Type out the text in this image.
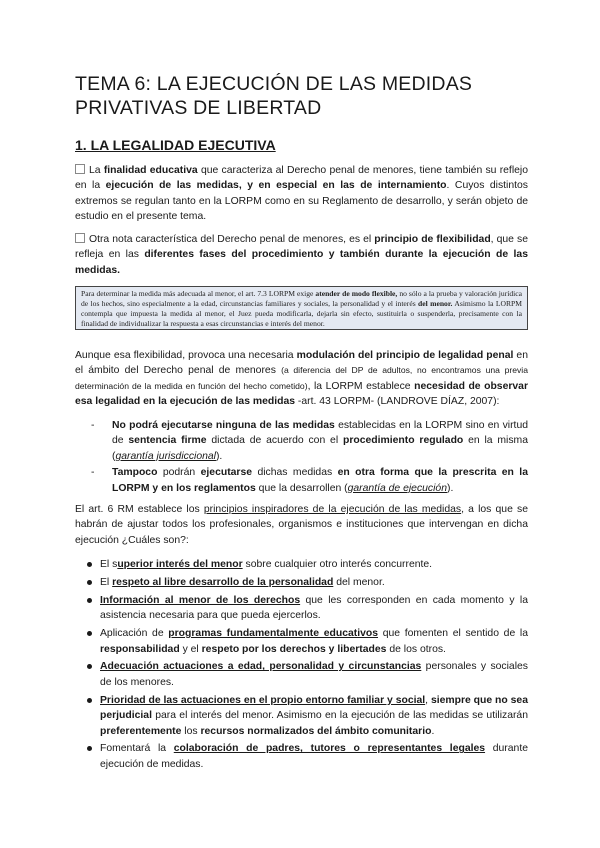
TEMA 6: LA EJECUCIÓN DE LAS MEDIDAS PRIVATIVAS DE LIBERTAD
1. LA LEGALIDAD EJECUTIVA

La finalidad educativa que caracteriza al Derecho penal de menores, tiene también su reflejo en la ejecución de las medidas, y en especial en las de internamiento. Cuyos distintos extremos se regulan tanto en la LORPM como en su Reglamento de desarrollo, y serán objeto de estudio en el presente tema.

Otra nota característica del Derecho penal de menores, es el principio de flexibilidad, que se refleja en las diferentes fases del procedimiento y también durante la ejecución de las medidas.

Para determinar la medida más adecuada al menor, el art. 7.3 LORPM exige atender de modo flexible, no sólo a la prueba y valoración jurídica de los hechos, sino especialmente a la edad, circunstancias familiares y sociales, la personalidad y el interés del menor. Asimismo la LORPM contempla que impuesta la medida al menor, el Juez pueda modificarla, dejarla sin efecto, sustituirla o suspenderla, precisamente con la finalidad de individualizar la respuesta a esas circunstancias e interés del menor.

Aunque esa flexibilidad, provoca una necesaria modulación del principio de legalidad penal en el ámbito del Derecho penal de menores (a diferencia del DP de adultos, no encontramos una previa determinación de la medida en función del hecho cometido), la LORPM establece necesidad de observar esa legalidad en la ejecución de las medidas -art. 43 LORPM- (LANDROVE DÍAZ, 2007):

- No podrá ejecutarse ninguna de las medidas establecidas en la LORPM sino en virtud de sentencia firme dictada de acuerdo con el procedimiento regulado en la misma (garantía jurisdiccional).
- Tampoco podrán ejecutarse dichas medidas en otra forma que la prescrita en la LORPM y en los reglamentos que la desarrollen (garantía de ejecución).

El art. 6 RM establece los principios inspiradores de la ejecución de las medidas, a los que se habrán de ajustar todos los profesionales, organismos e instituciones que intervengan en dicha ejecución ¿Cuáles son?:

El superior interés del menor sobre cualquier otro interés concurrente.
El respeto al libre desarrollo de la personalidad del menor.
Información al menor de los derechos que les corresponden en cada momento y la asistencia necesaria para que pueda ejercerlos.
Aplicación de programas fundamentalmente educativos que fomenten el sentido de la responsabilidad y el respeto por los derechos y libertades de los otros.
Adecuación actuaciones a edad, personalidad y circunstancias personales y sociales de los menores.
Prioridad de las actuaciones en el propio entorno familiar y social, siempre que no sea perjudicial para el interés del menor. Asimismo en la ejecución de las medidas se utilizarán preferentemente los recursos normalizados del ámbito comunitario.
Fomentará la colaboración de padres, tutores o representantes legales durante ejecución de medidas.
